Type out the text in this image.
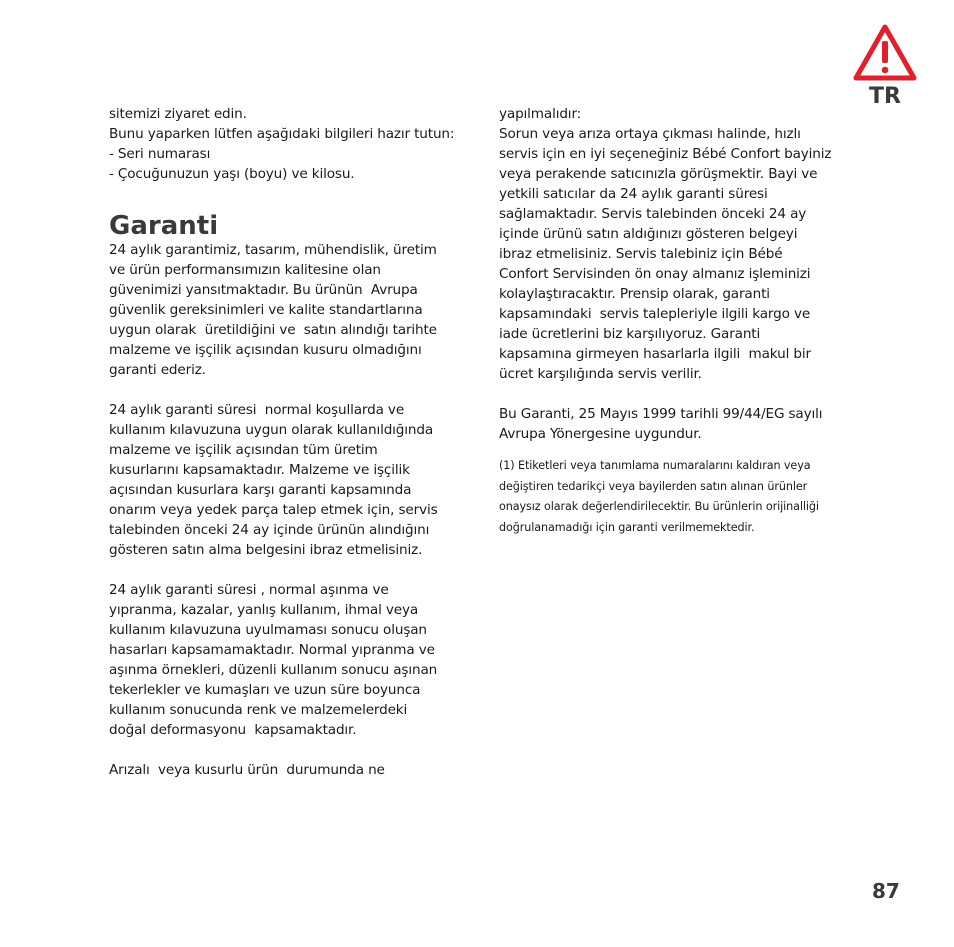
TR
sitemizi ziyaret edin.
Bunu yaparken lütfen aşağıdaki bilgileri hazır tutun:
- Seri numarası
- Çocuğunuzun yaşı (boyu) ve kilosu.
Garanti
24 aylık garantimiz, tasarım, mühendislik, üretim
ve ürün performansımızın kalitesine olan
güvenimizi yansıtmaktadır. Bu ürünün  Avrupa
güvenlik gereksinimleri ve kalite standartlarına
uygun olarak  üretildiğini ve  satın alındığı tarihte
malzeme ve işçilik açısından kusuru olmadığını
garanti ederiz.
24 aylık garanti süresi  normal koşullarda ve
kullanım kılavuzuna uygun olarak kullanıldığında
malzeme ve işçilik açısından tüm üretim
kusurlarını kapsamaktadır. Malzeme ve işçilik
açısından kusurlara karşı garanti kapsamında
onarım veya yedek parça talep etmek için, servis
talebinden önceki 24 ay içinde ürünün alındığını
gösteren satın alma belgesini ibraz etmelisiniz.
24 aylık garanti süresi , normal aşınma ve
yıpranma, kazalar, yanlış kullanım, ihmal veya
kullanım kılavuzuna uyulmaması sonucu oluşan
hasarları kapsamamaktadır. Normal yıpranma ve
aşınma örnekleri, düzenli kullanım sonucu aşınan
tekerlekler ve kumaşları ve uzun süre boyunca
kullanım sonucunda renk ve malzemelerdeki
doğal deformasyonu  kapsamaktadır.
Arızalı  veya kusurlu ürün  durumunda ne
yapılmalıdır:
Sorun veya arıza ortaya çıkması halinde, hızlı
servis için en iyi seçeneğiniz Bébé Confort bayiniz
veya perakende satıcınızla görüşmektir. Bayi ve
yetkili satıcılar da 24 aylık garanti süresi
sağlamaktadır. Servis talebinden önceki 24 ay
içinde ürünü satın aldığınızı gösteren belgeyi
ibraz etmelisiniz. Servis talebiniz için Bébé
Confort Servisinden ön onay almanız işleminizi
kolaylaştıracaktır. Prensip olarak, garanti
kapsamındaki  servis talepleriyle ilgili kargo ve
iade ücretlerini biz karşılıyoruz. Garanti
kapsamına girmeyen hasarlarla ilgili  makul bir
ücret karşılığında servis verilir.
Bu Garanti, 25 Mayıs 1999 tarihli 99/44/EG sayılı
Avrupa Yönergesine uygundur.
(1) Etiketleri veya tanımlama numaralarını kaldıran veya
değiştiren tedarikçi veya bayilerden satın alınan ürünler
onaysız olarak değerlendirilecektir. Bu ürünlerin orijinalliği
doğrulanamadığı için garanti verilmemektedir.
87
